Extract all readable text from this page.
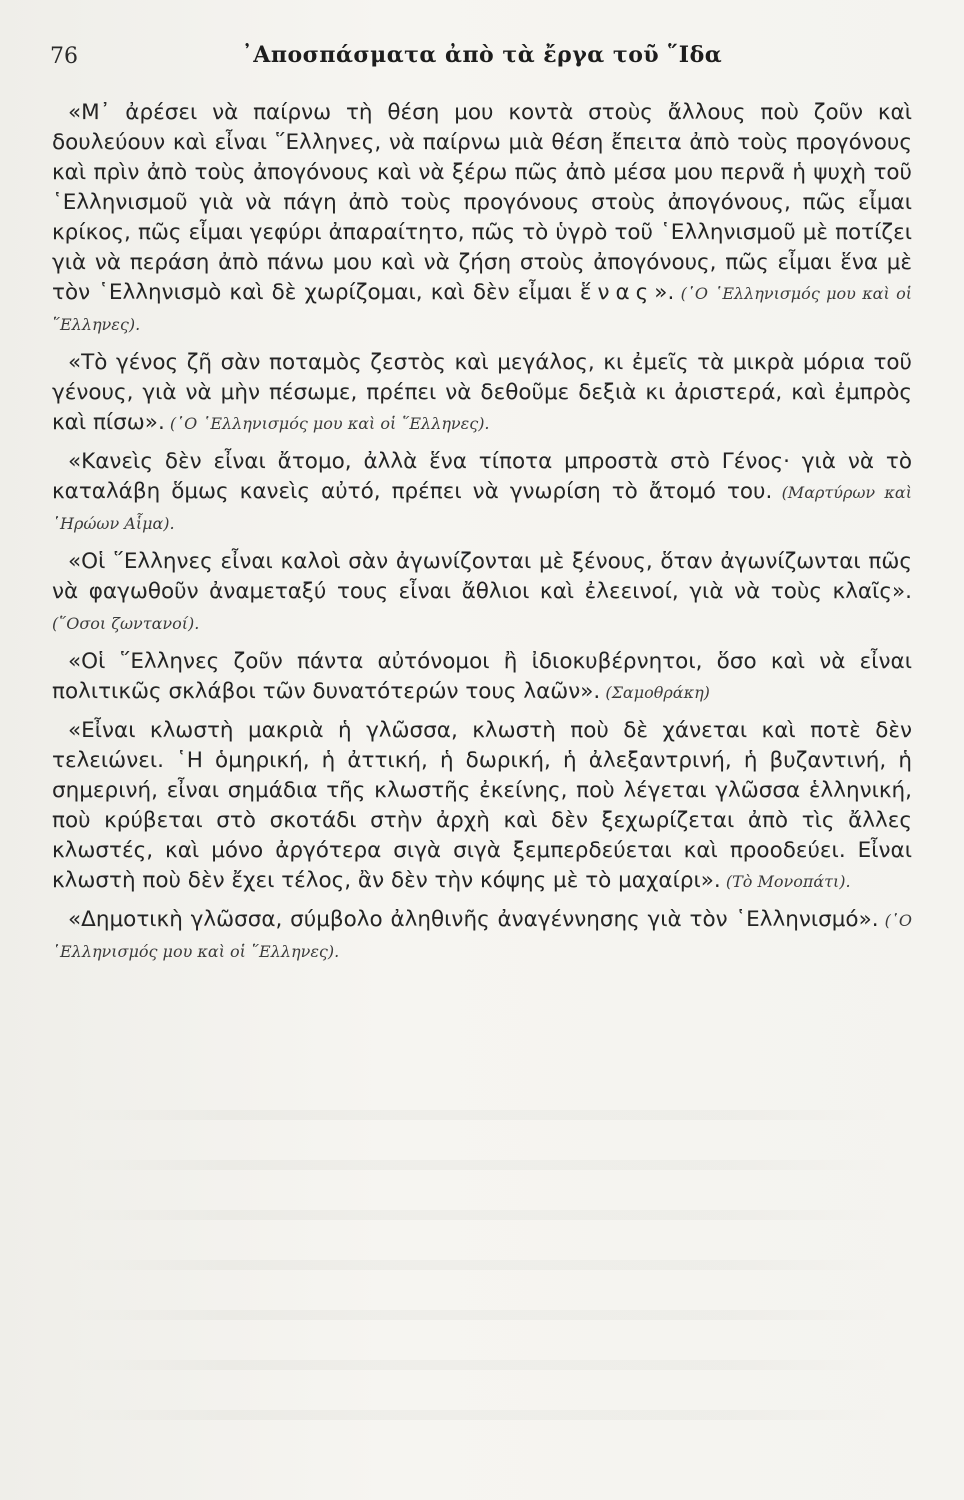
76	᾿Αποσπάσματα ἀπὸ τὰ ἔργα τοῦ ῞Ιδα

«Μ᾿ ἀρέσει νὰ παίρνω τὴ θέση μου κοντὰ στοὺς ἄλλους ποὺ ζοῦν καὶ δουλεύουν καὶ εἶναι ῞Ελληνες, νὰ παίρνω μιὰ θέση ἔπειτα ἀπὸ τοὺς προγόνους καὶ πρὶν ἀπὸ τοὺς ἀπογόνους καὶ νὰ ξέρω πῶς ἀπὸ μέσα μου περνᾶ ἡ ψυχὴ τοῦ ῾Ελληνισμοῦ γιὰ νὰ πάγη ἀπὸ τοὺς προγόνους στοὺς ἀπογόνους, πῶς εἶμαι κρίκος, πῶς εἶμαι γεφύρι ἀπαραίτητο, πῶς τὸ ὑγρὸ τοῦ ῾Ελληνισμοῦ μὲ ποτίζει γιὰ νὰ περάση ἀπὸ πάνω μου καὶ νὰ ζήση στοὺς ἀπογόνους, πῶς εἶμαι ἕνα μὲ τὸν ῾Ελληνισμὸ καὶ δὲ χωρίζομαι, καὶ δὲν εἶμαι ἕνας». (῾Ο ῾Ελληνισμός μου καὶ οἱ ῞Ελληνες).

«Τὸ γένος ζῆ σὰν ποταμὸς ζεστὸς καὶ μεγάλος, κι ἐμεῖς τὰ μικρὰ μόρια τοῦ γένους, γιὰ νὰ μὴν πέσωμε, πρέπει νὰ δεθοῦμε δεξιὰ κι ἀριστερά, καὶ ἐμπρὸς καὶ πίσω». (῾Ο ῾Ελληνισμός μου καὶ οἱ ῞Ελληνες).

«Κανεὶς δὲν εἶναι ἄτομο, ἀλλὰ ἕνα τίποτα μπροστὰ στὸ Γένος· γιὰ νὰ τὸ καταλάβη ὅμως κανεὶς αὐτό, πρέπει νὰ γνωρίση τὸ ἄτομό του. (Μαρτύρων καὶ ῾Ηρώων Αἷμα).

«Οἱ ῞Ελληνες εἶναι καλοὶ σὰν ἀγωνίζονται μὲ ξένους, ὅταν ἀγωνίζωνται πῶς νὰ φαγωθοῦν ἀναμεταξύ τους εἶναι ἄθλιοι καὶ ἐλεεινοί, γιὰ νὰ τοὺς κλαῖς». (῞Οσοι ζωντανοί).

«Οἱ ῞Ελληνες ζοῦν πάντα αὐτόνομοι ἢ ἰδιοκυβέρνητοι, ὅσο καὶ νὰ εἶναι πολιτικῶς σκλάβοι τῶν δυνατότερών τους λαῶν». (Σαμοθράκη)

«Εἶναι κλωστὴ μακριὰ ἡ γλῶσσα, κλωστὴ ποὺ δὲ χάνεται καὶ ποτὲ δὲν τελειώνει. ῾Η ὁμηρική, ἡ ἀττική, ἡ δωρική, ἡ ἀλεξαντρινή, ἡ βυζαντινή, ἡ σημερινή, εἶναι σημάδια τῆς κλωστῆς ἐκείνης, ποὺ λέγεται γλῶσσα ἑλληνική, ποὺ κρύβεται στὸ σκοτάδι στὴν ἀρχὴ καὶ δὲν ξεχωρίζεται ἀπὸ τὶς ἄλλες κλωστές, καὶ μόνο ἀργότερα σιγὰ σιγὰ ξεμπερδεύεται καὶ προοδεύει. Εἶναι κλωστὴ ποὺ δὲν ἔχει τέλος, ἂν δὲν τὴν κόψης μὲ τὸ μαχαίρι». (Τὸ Μονοπάτι).

«Δημοτικὴ γλῶσσα, σύμβολο ἀληθινῆς ἀναγέννησης γιὰ τὸν ῾Ελληνισμό». (῾Ο ῾Ελληνισμός μου καὶ οἱ ῞Ελληνες).
